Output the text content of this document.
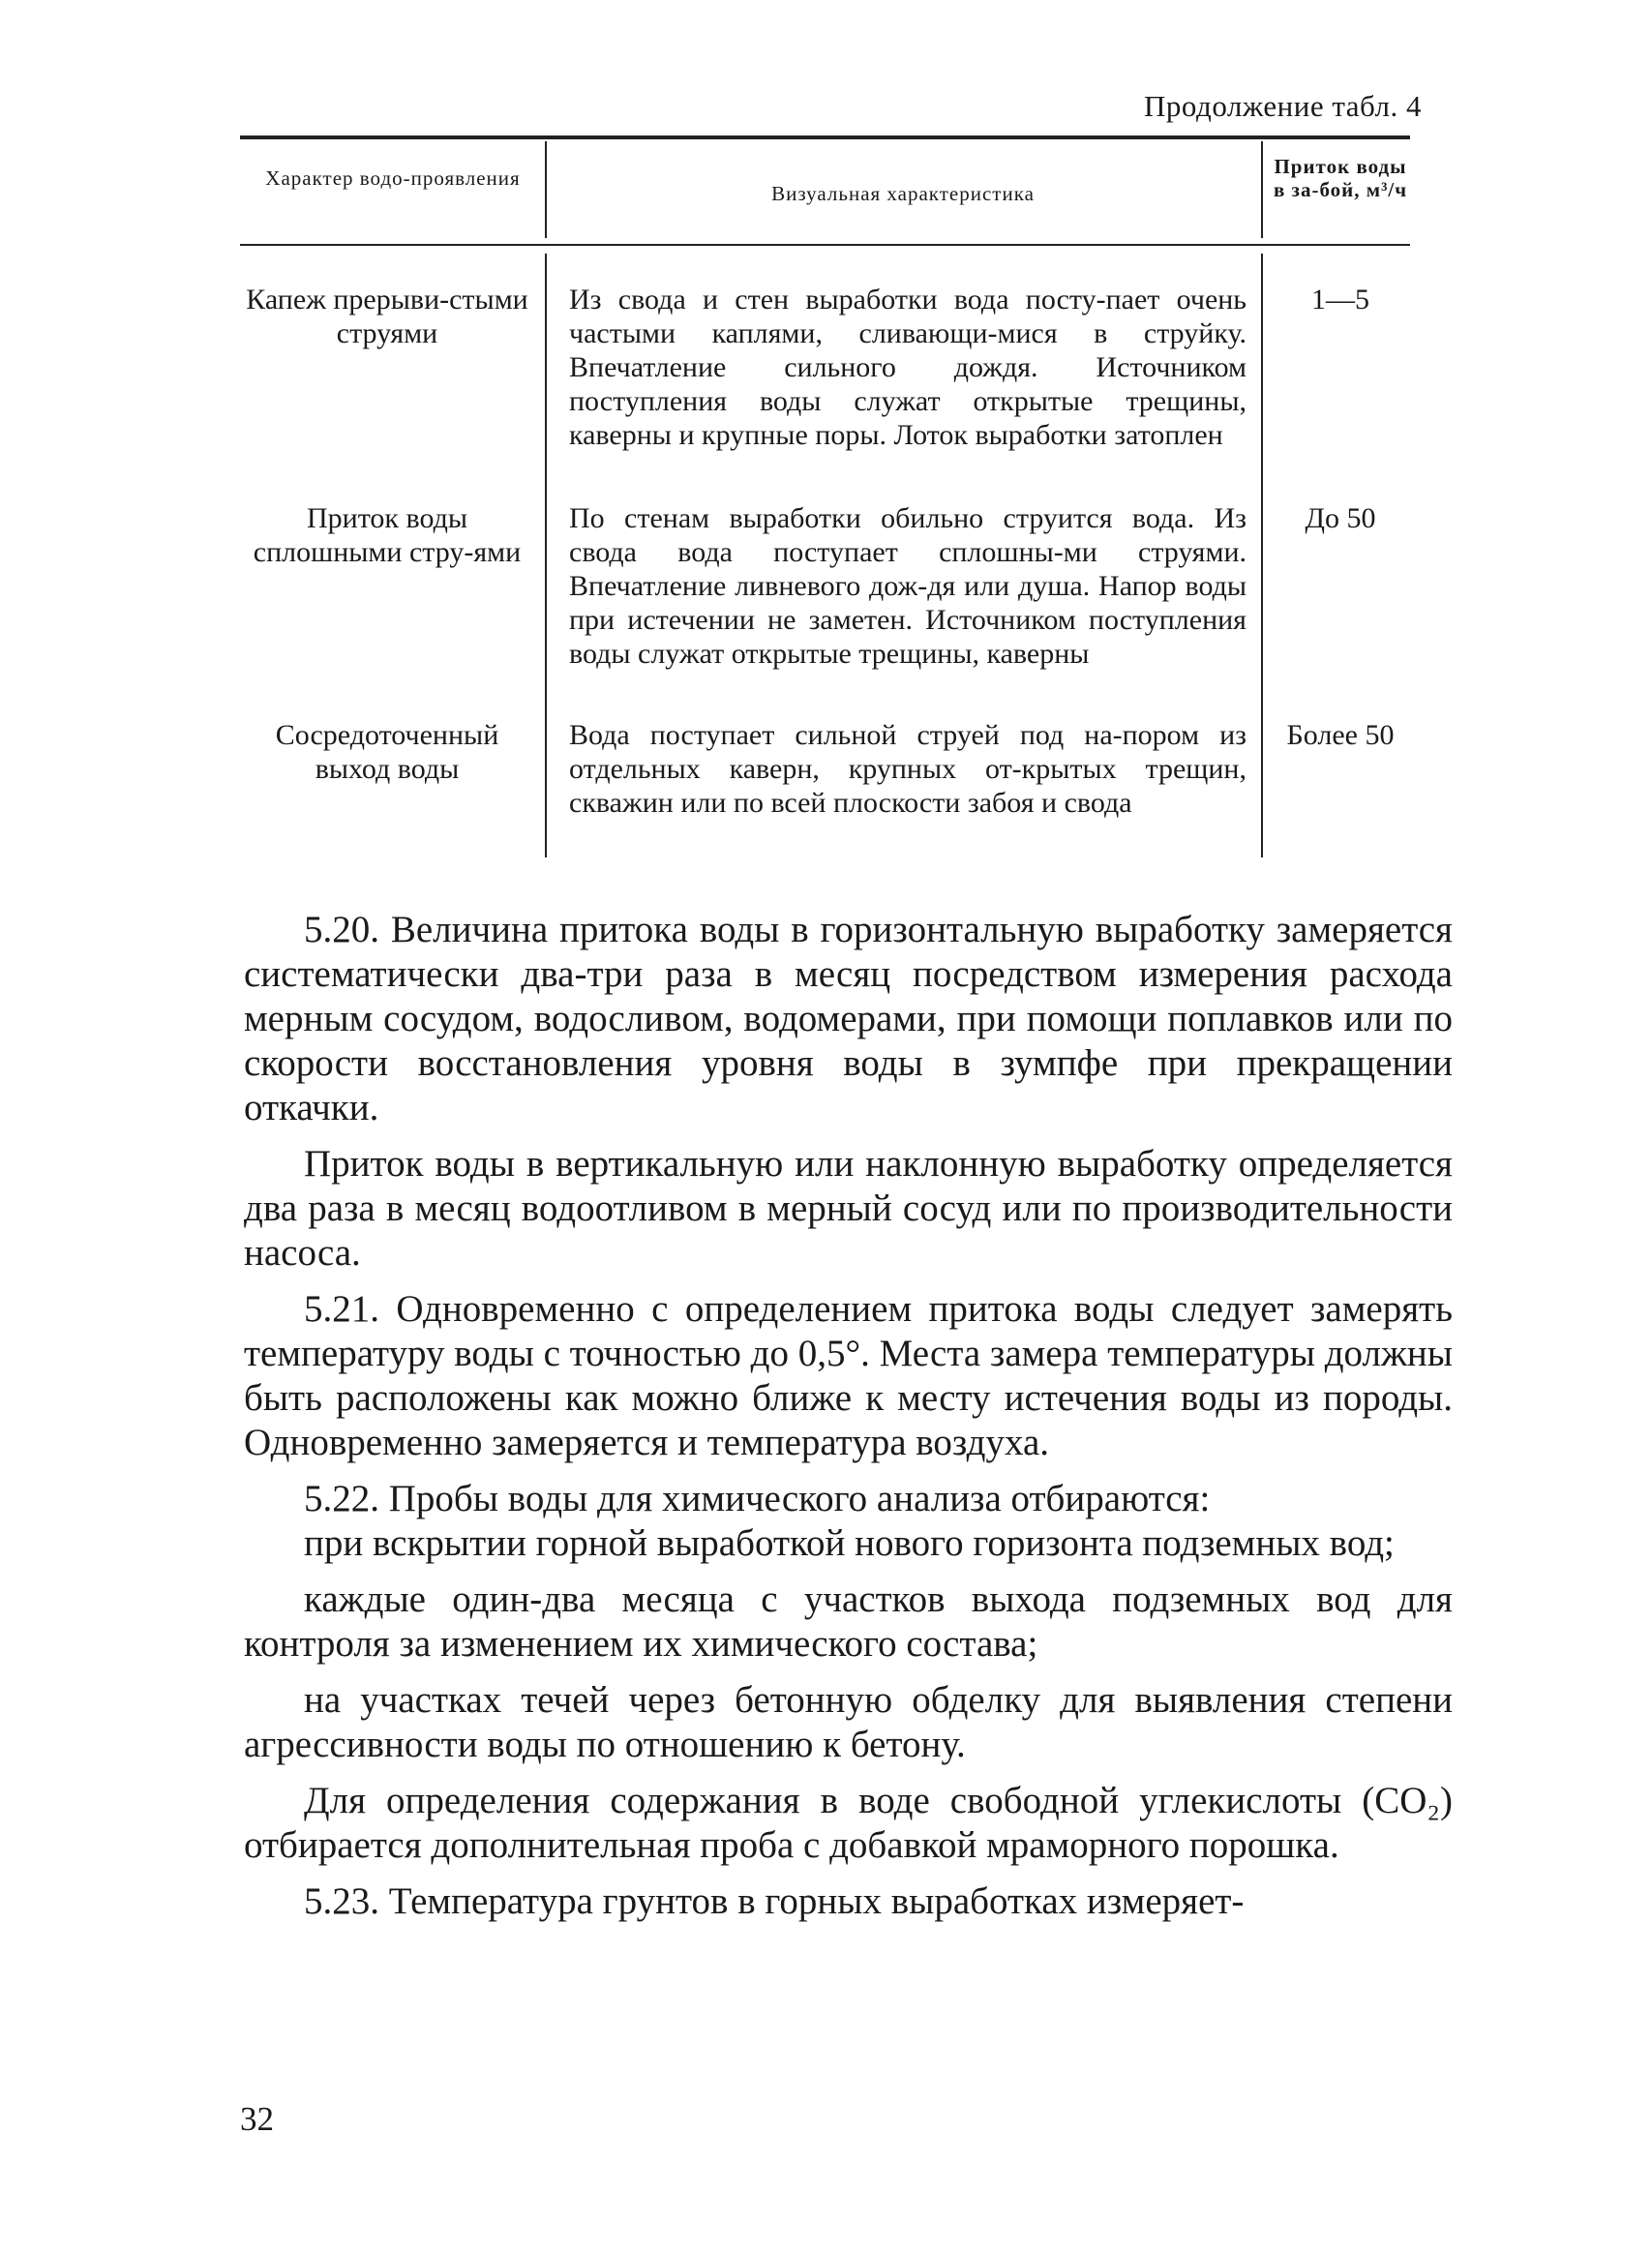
Продолжение табл. 4
Характер водо-проявления
Визуальная характеристика
Приток воды в за-бой, м³/ч
Капеж прерыви-стыми струями
Из свода и стен выработки вода посту-пает очень частыми каплями, сливающи-мися в струйку. Впечатление сильного дождя. Источником поступления воды служат открытые трещины, каверны и крупные поры. Лоток выработки затоплен
1—5
Приток воды сплошными стру-ями
По стенам выработки обильно струится вода. Из свода вода поступает сплошны-ми струями. Впечатление ливневого дож-дя или душа. Напор воды при истечении не заметен. Источником поступления воды служат открытые трещины, каверны
До 50
Сосредоточенный выход воды
Вода поступает сильной струей под на-пором из отдельных каверн, крупных от-крытых трещин, скважин или по всей плоскости забоя и свода
Более 50

5.20. Величина притока воды в горизонтальную выработку замеряется систематически два-три раза в месяц посредством измерения расхода мерным сосудом, водосливом, водомерами, при помощи поплавков или по скорости восстановления уровня воды в зумпфе при прекращении откачки.

Приток воды в вертикальную или наклонную выработку определяется два раза в месяц водоотливом в мерный сосуд или по производительности насоса.

5.21. Одновременно с определением притока воды следует замерять температуру воды с точностью до 0,5°. Места замера температуры должны быть расположены как можно ближе к месту истечения воды из породы. Одновременно замеряется и температура воздуха.

5.22. Пробы воды для химического анализа отбираются:

при вскрытии горной выработкой нового горизонта подземных вод;

каждые один-два месяца с участков выхода подземных вод для контроля за изменением их химического состава;

на участках течей через бетонную обделку для выявления степени агрессивности воды по отношению к бетону.

Для определения содержания в воде свободной углекислоты (CO₂) отбирается дополнительная проба с добавкой мраморного порошка.

5.23. Температура грунтов в горных выработках измеряет-

32
